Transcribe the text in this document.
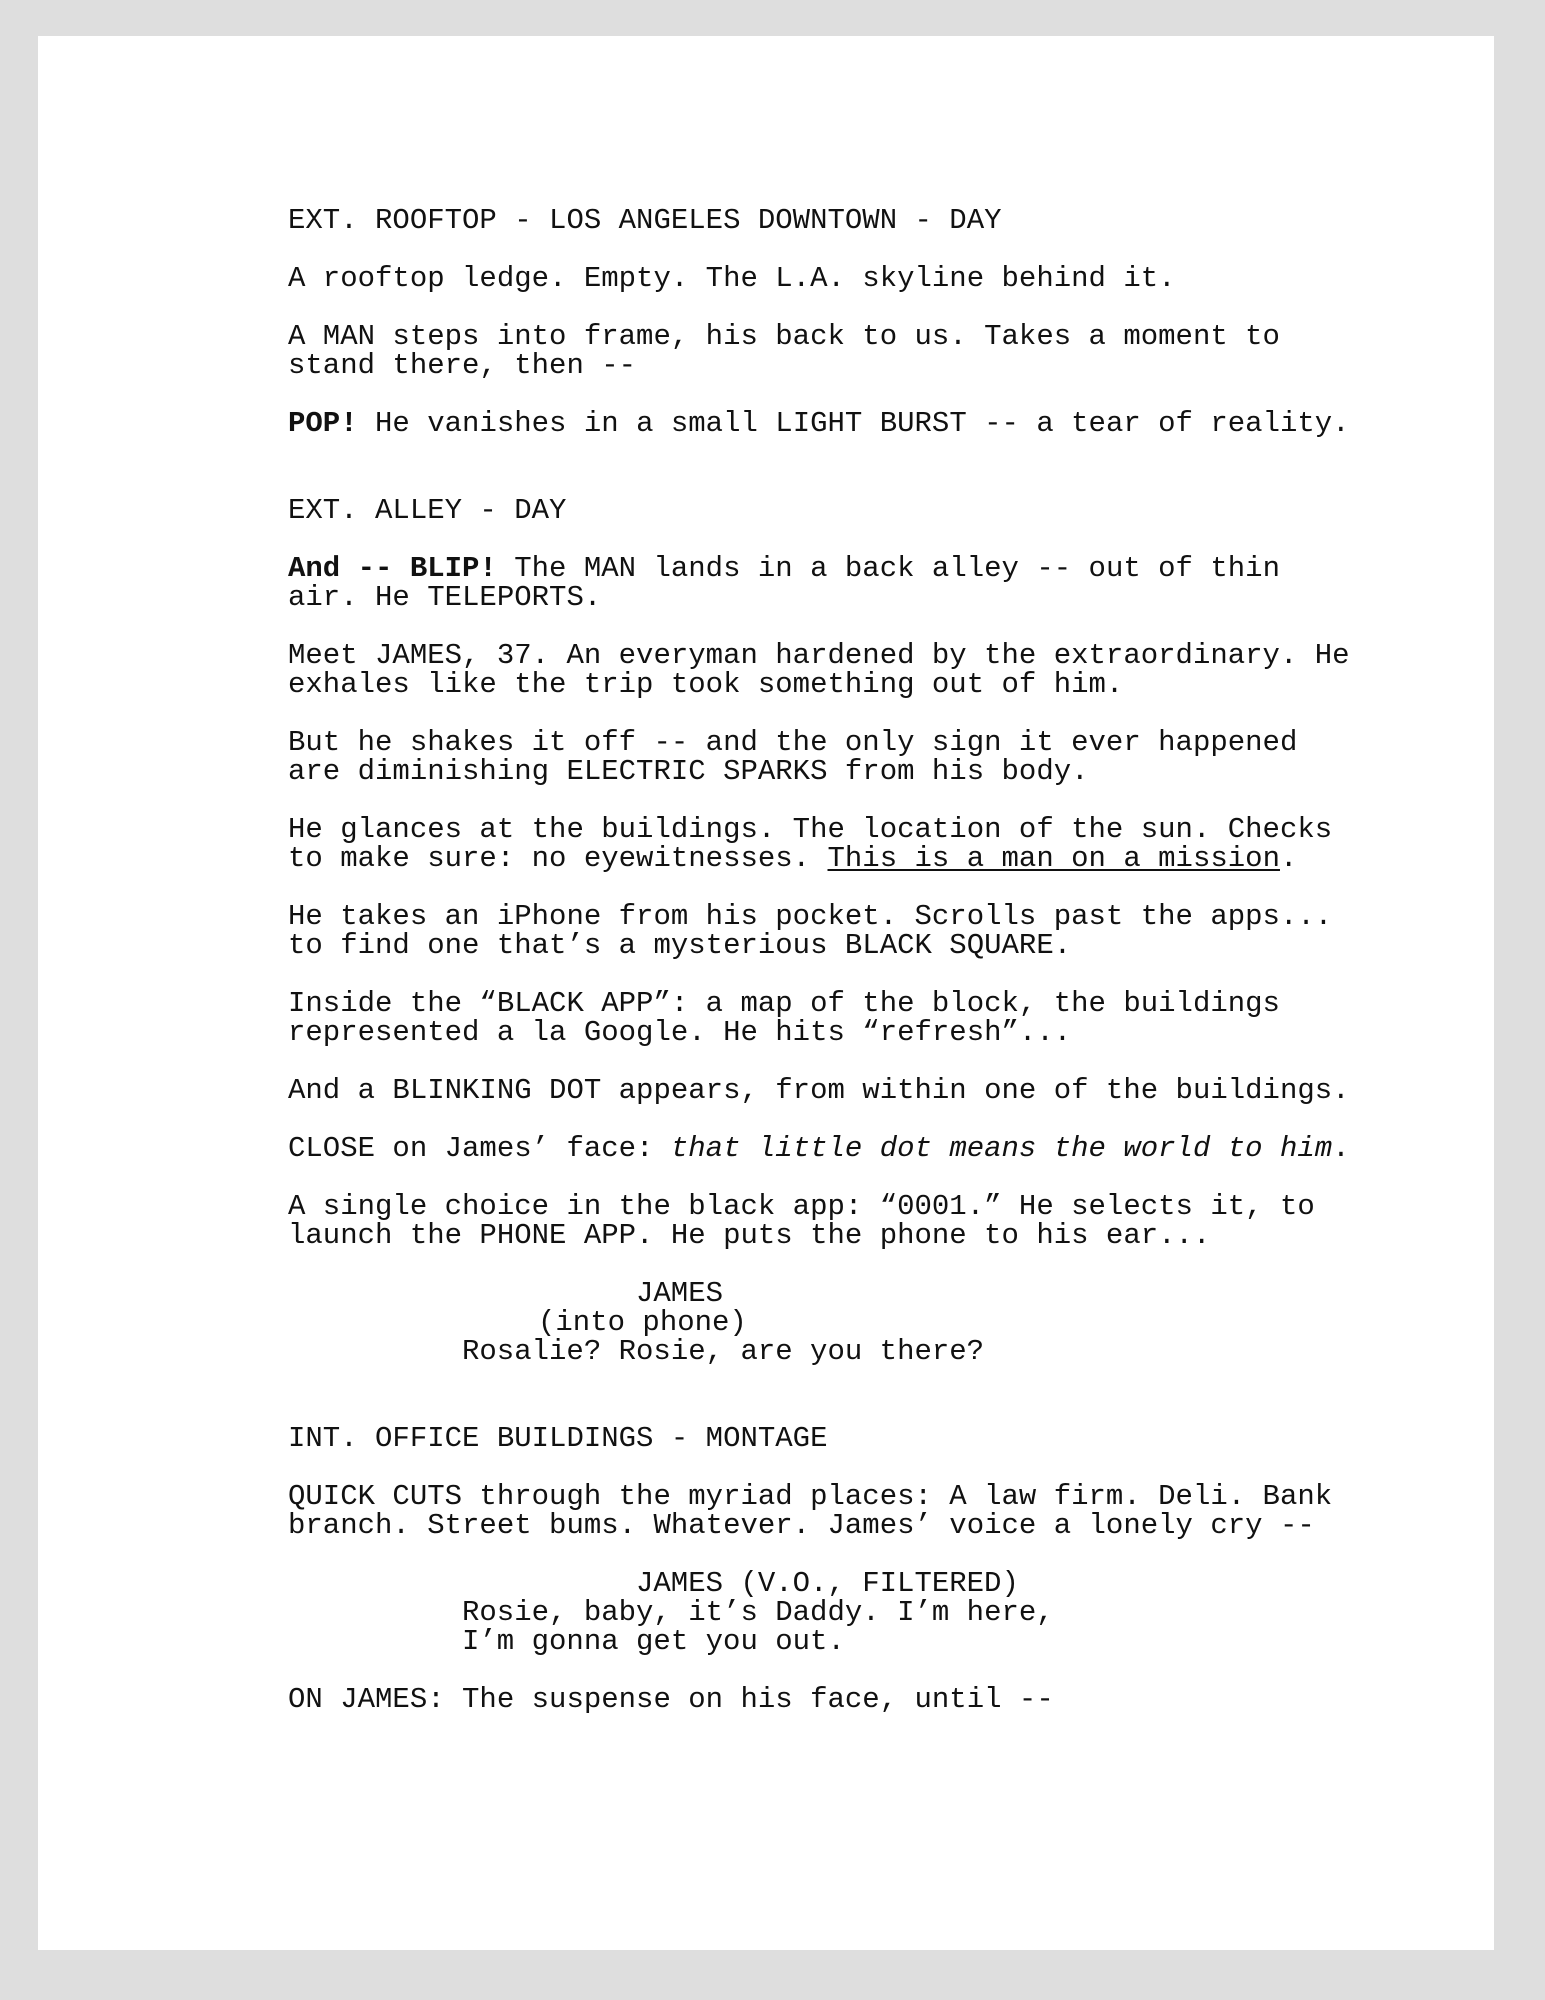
EXT. ROOFTOP - LOS ANGELES DOWNTOWN - DAY

A rooftop ledge. Empty. The L.A. skyline behind it.

A MAN steps into frame, his back to us. Takes a moment to

stand there, then --

POP! He vanishes in a small LIGHT BURST -- a tear of reality.

EXT. ALLEY - DAY

And -- BLIP! The MAN lands in a back alley -- out of thin

air. He TELEPORTS.

Meet JAMES, 37. An everyman hardened by the extraordinary. He

exhales like the trip took something out of him.

But he shakes it off -- and the only sign it ever happened

are diminishing ELECTRIC SPARKS from his body.

He glances at the buildings. The location of the sun. Checks

to make sure: no eyewitnesses. This is a man on a mission.

He takes an iPhone from his pocket. Scrolls past the apps...

to find one that’s a mysterious BLACK SQUARE.

Inside the “BLACK APP”: a map of the block, the buildings

represented a la Google. He hits “refresh”...

And a BLINKING DOT appears, from within one of the buildings.

CLOSE on James’ face: that little dot means the world to him.

A single choice in the black app: “0001.” He selects it, to

launch the PHONE APP. He puts the phone to his ear...

JAMES

(into phone)

Rosalie? Rosie, are you there?

INT. OFFICE BUILDINGS - MONTAGE

QUICK CUTS through the myriad places: A law firm. Deli. Bank

branch. Street bums. Whatever. James’ voice a lonely cry --

JAMES (V.O., FILTERED)

Rosie, baby, it’s Daddy. I’m here,

I’m gonna get you out.

ON JAMES: The suspense on his face, until --
